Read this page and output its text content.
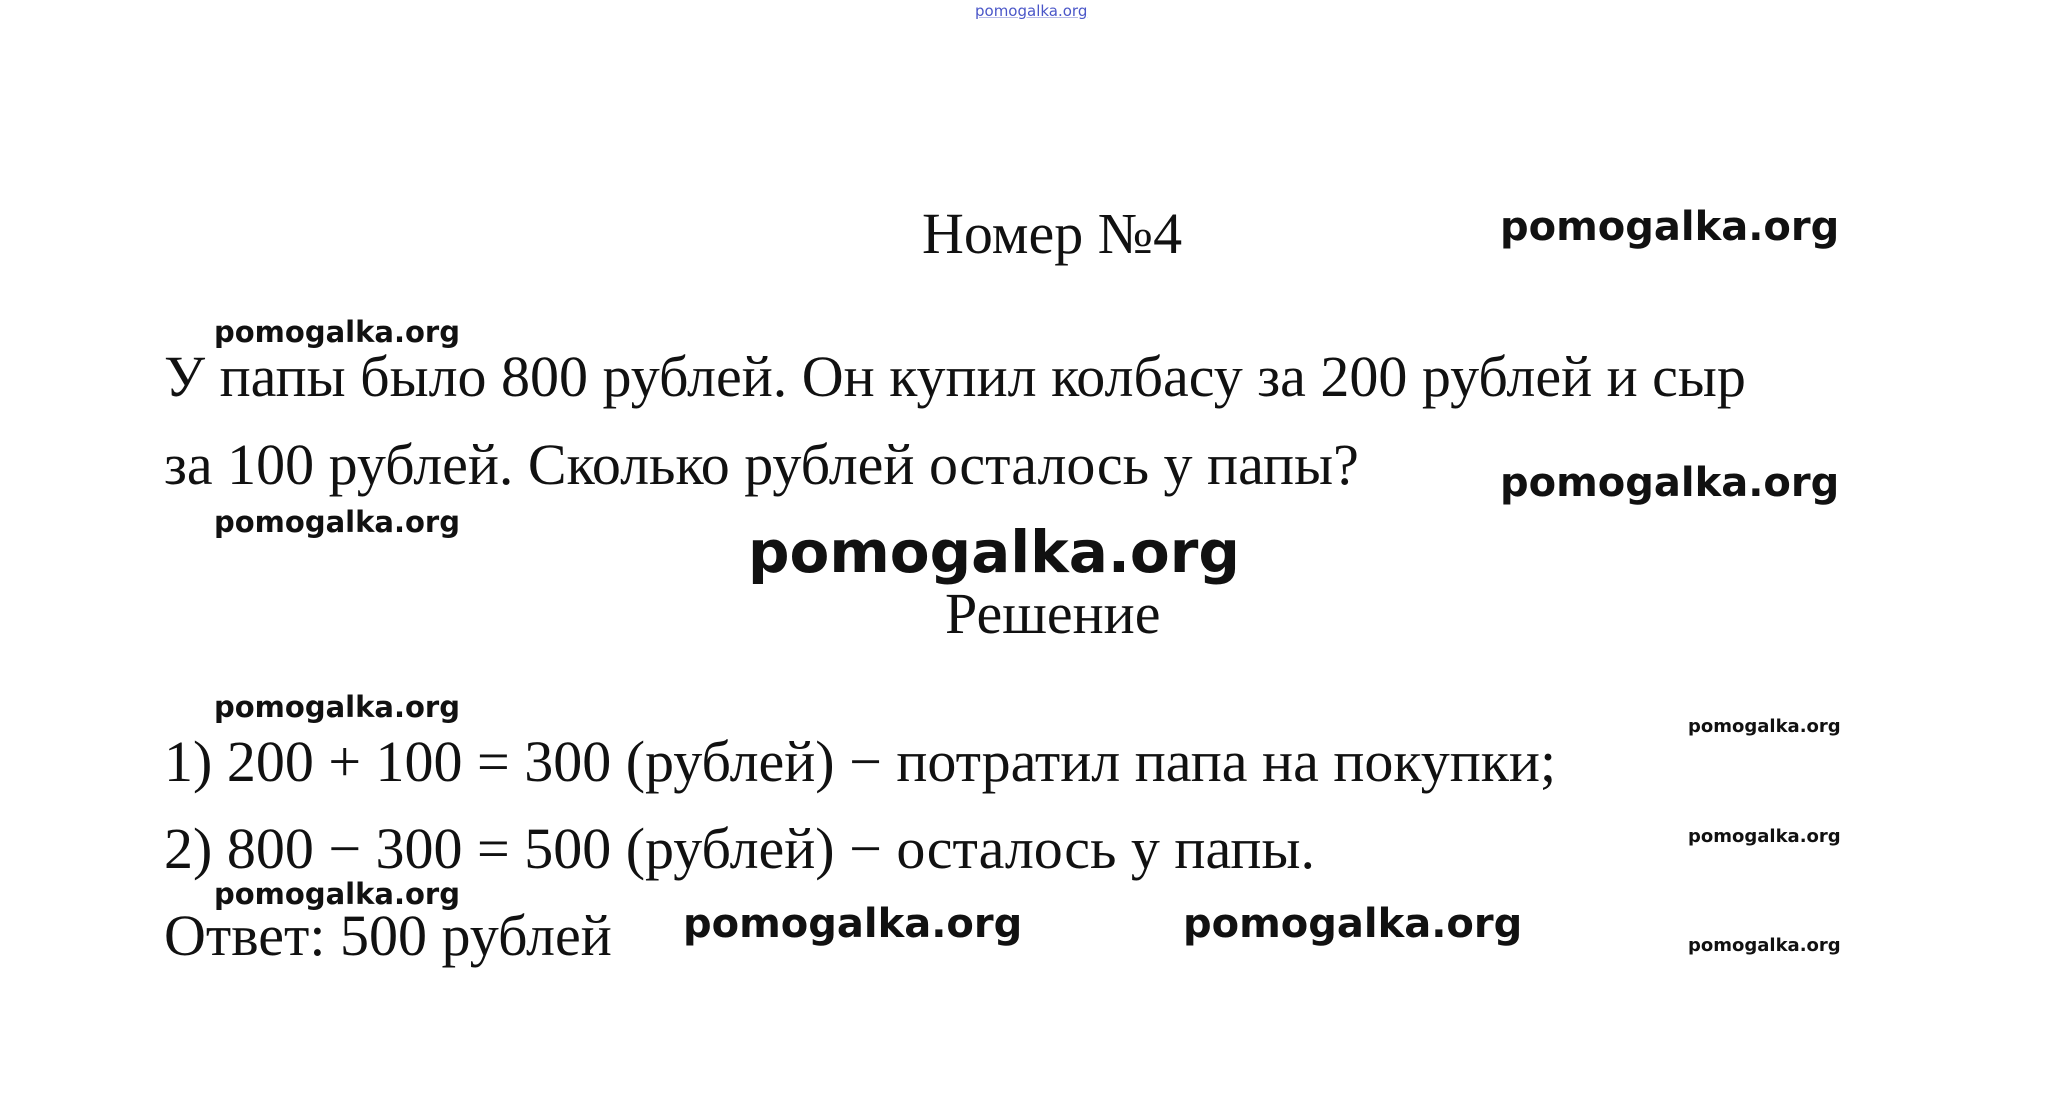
pomogalka.org
Номер №4
У папы было 800 рублей. Он купил колбасу за 200 рублей и сыр
за 100 рублей. Сколько рублей осталось у папы?
Решение
1) 200 + 100 = 300 (рублей) − потратил папа на покупки;
2) 800 − 300 = 500 (рублей) − осталось у папы.
Ответ: 500 рублей
pomogalka.org
pomogalka.org
pomogalka.org
pomogalka.org	pomogalka.org
pomogalka.org
pomogalka.org
pomogalka.org
pomogalka.org
pomogalka.org	pomogalka.org	pomogalka.org
